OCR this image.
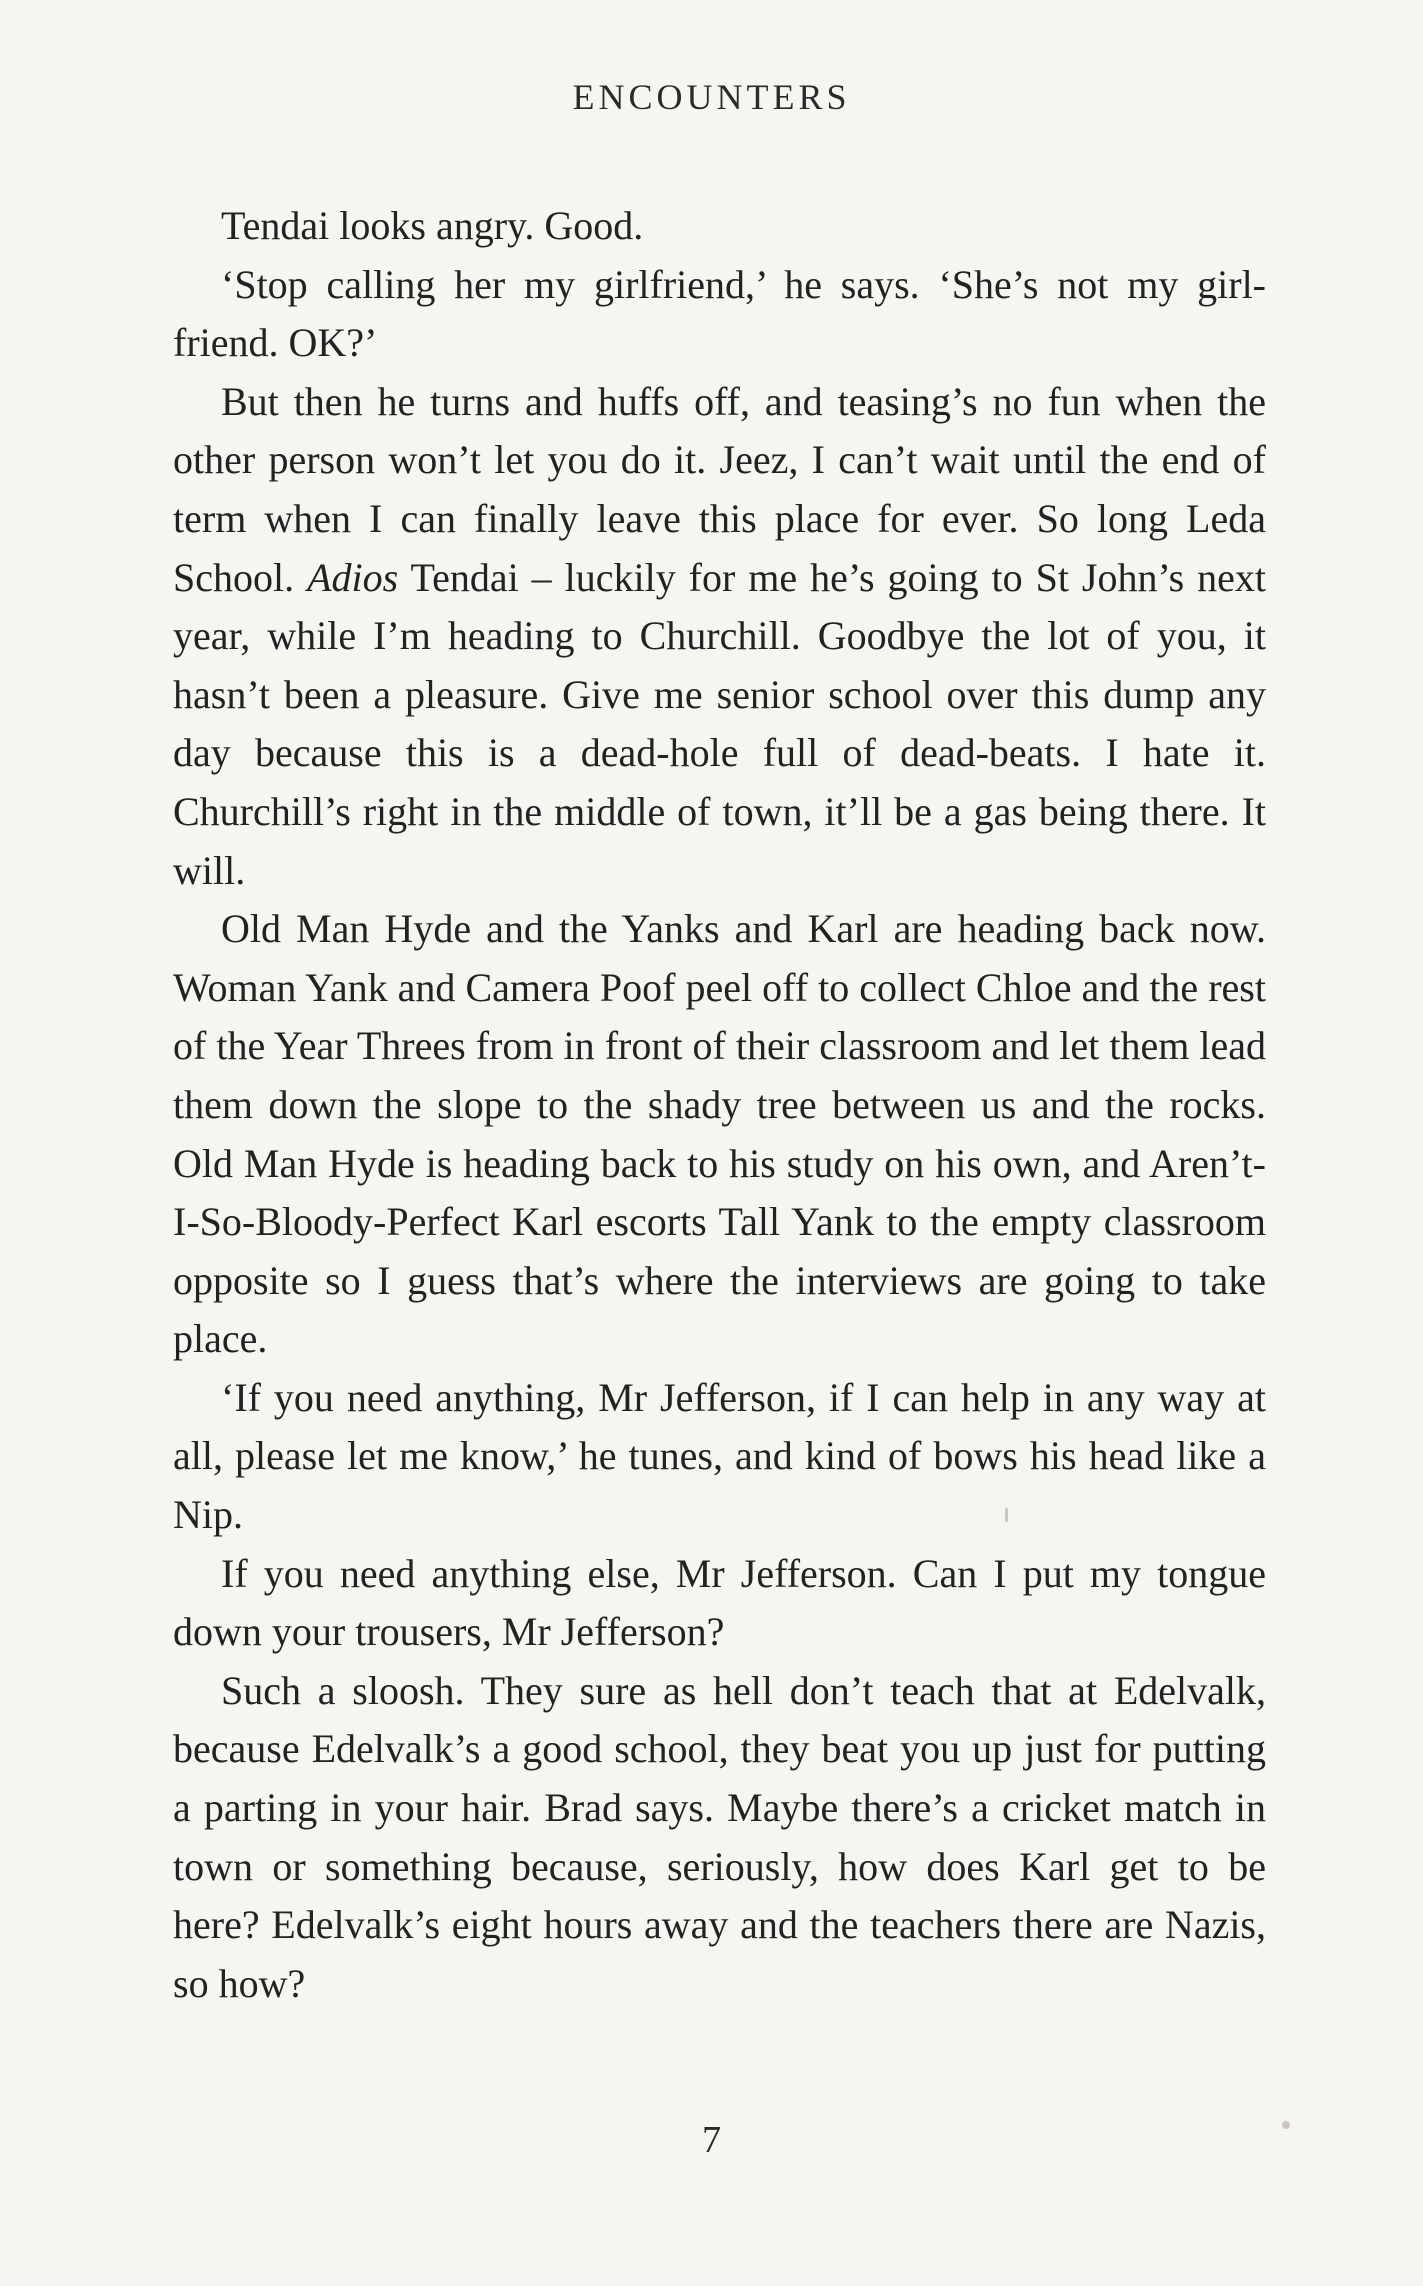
ENCOUNTERS

Tendai looks angry. Good.

‘Stop calling her my girlfriend,’ he says. ‘She’s not my girl-friend. OK?’

But then he turns and huffs off, and teasing’s no fun when the other person won’t let you do it. Jeez, I can’t wait until the end of term when I can finally leave this place for ever. So long Leda School. Adios Tendai – luckily for me he’s going to St John’s next year, while I’m heading to Churchill. Goodbye the lot of you, it hasn’t been a pleasure. Give me senior school over this dump any day because this is a dead-hole full of dead-beats. I hate it. Churchill’s right in the middle of town, it’ll be a gas being there. It will.

Old Man Hyde and the Yanks and Karl are heading back now. Woman Yank and Camera Poof peel off to collect Chloe and the rest of the Year Threes from in front of their classroom and let them lead them down the slope to the shady tree between us and the rocks. Old Man Hyde is heading back to his study on his own, and Aren’t-I-So-Bloody-Perfect Karl escorts Tall Yank to the empty classroom opposite so I guess that’s where the interviews are going to take place.

‘If you need anything, Mr Jefferson, if I can help in any way at all, please let me know,’ he tunes, and kind of bows his head like a Nip.

If you need anything else, Mr Jefferson. Can I put my tongue down your trousers, Mr Jefferson?

Such a sloosh. They sure as hell don’t teach that at Edelvalk, because Edelvalk’s a good school, they beat you up just for putting a parting in your hair. Brad says. Maybe there’s a cricket match in town or something because, seriously, how does Karl get to be here? Edelvalk’s eight hours away and the teachers there are Nazis, so how?

7
